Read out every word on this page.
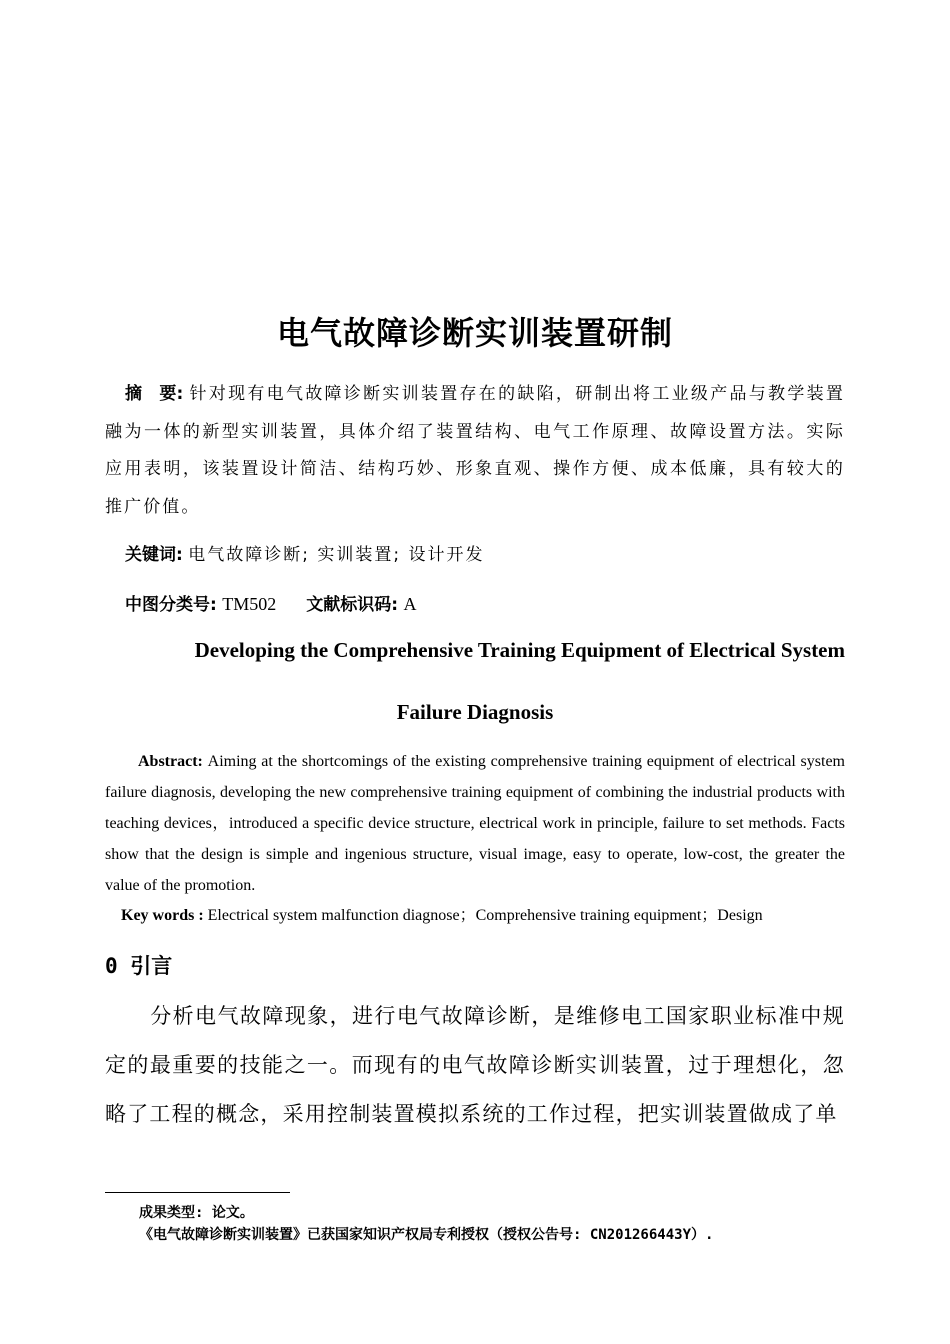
电气故障诊断实训装置研制

摘　要: 针对现有电气故障诊断实训装置存在的缺陷，研制出将工业级产品与教学装置融为一体的新型实训装置，具体介绍了装置结构、电气工作原理、故障设置方法。实际应用表明，该装置设计简洁、结构巧妙、形象直观、操作方便、成本低廉，具有较大的推广价值。

关键词: 电气故障诊断; 实训装置; 设计开发

中图分类号: TM502 文献标识码: A

Developing the Comprehensive Training Equipment of Electrical System

Failure Diagnosis

Abstract: Aiming at the shortcomings of the existing comprehensive training equipment of electrical system failure diagnosis, developing the new comprehensive training equipment of combining the industrial products with teaching devices，introduced a specific device structure, electrical work in principle, failure to set methods. Facts show that the design is simple and ingenious structure, visual image, easy to operate, low-cost, the greater the value of the promotion.

Key words : Electrical system malfunction diagnose；Comprehensive training equipment；Design

0 引言

分析电气故障现象，进行电气故障诊断，是维修电工国家职业标准中规定的最重要的技能之一。而现有的电气故障诊断实训装置，过于理想化，忽略了工程的概念，采用控制装置模拟系统的工作过程，把实训装置做成了单

成果类型: 论文。

《电气故障诊断实训装置》已获国家知识产权局专利授权（授权公告号: CN201266443Y）.
